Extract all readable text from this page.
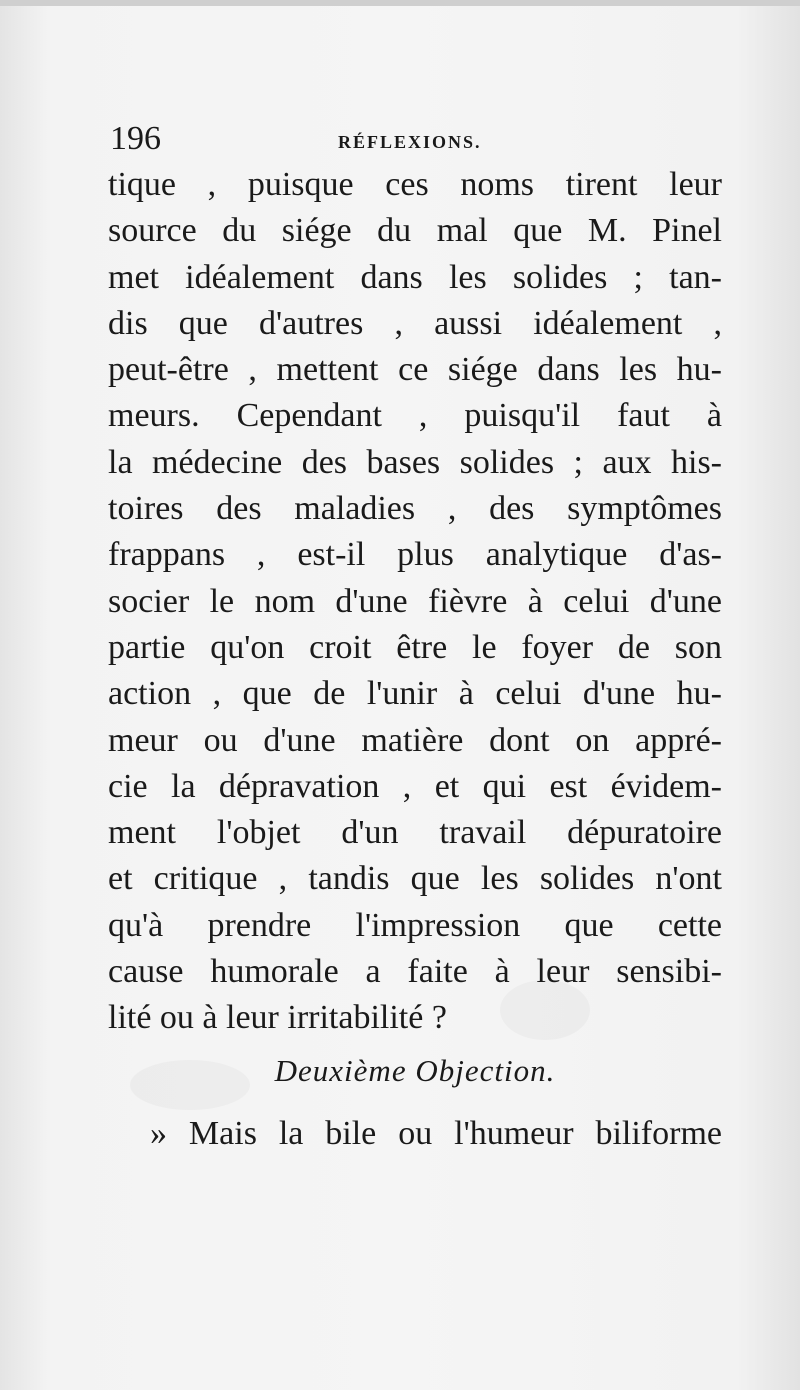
196	RÉFLEXIONS.
tique , puisque ces noms tirent leur
source du siége du mal que M. Pinel
met idéalement dans les solides ; tan-
dis que d'autres , aussi idéalement ,
peut-être , mettent ce siége dans les hu-
meurs. Cependant , puisqu'il faut à
la médecine des bases solides ; aux his-
toires des maladies , des symptômes
frappans , est-il plus analytique d'as-
socier le nom d'une fièvre à celui d'une
partie qu'on croit être le foyer de son
action , que de l'unir à celui d'une hu-
meur ou d'une matière dont on appré-
cie la dépravation , et qui est évidem-
ment l'objet d'un travail dépuratoire
et critique , tandis que les solides n'ont
qu'à prendre l'impression que cette
cause humorale a faite à leur sensibi-
lité ou à leur irritabilité ?
Deuxième Objection.
» Mais la bile ou l'humeur biliforme
